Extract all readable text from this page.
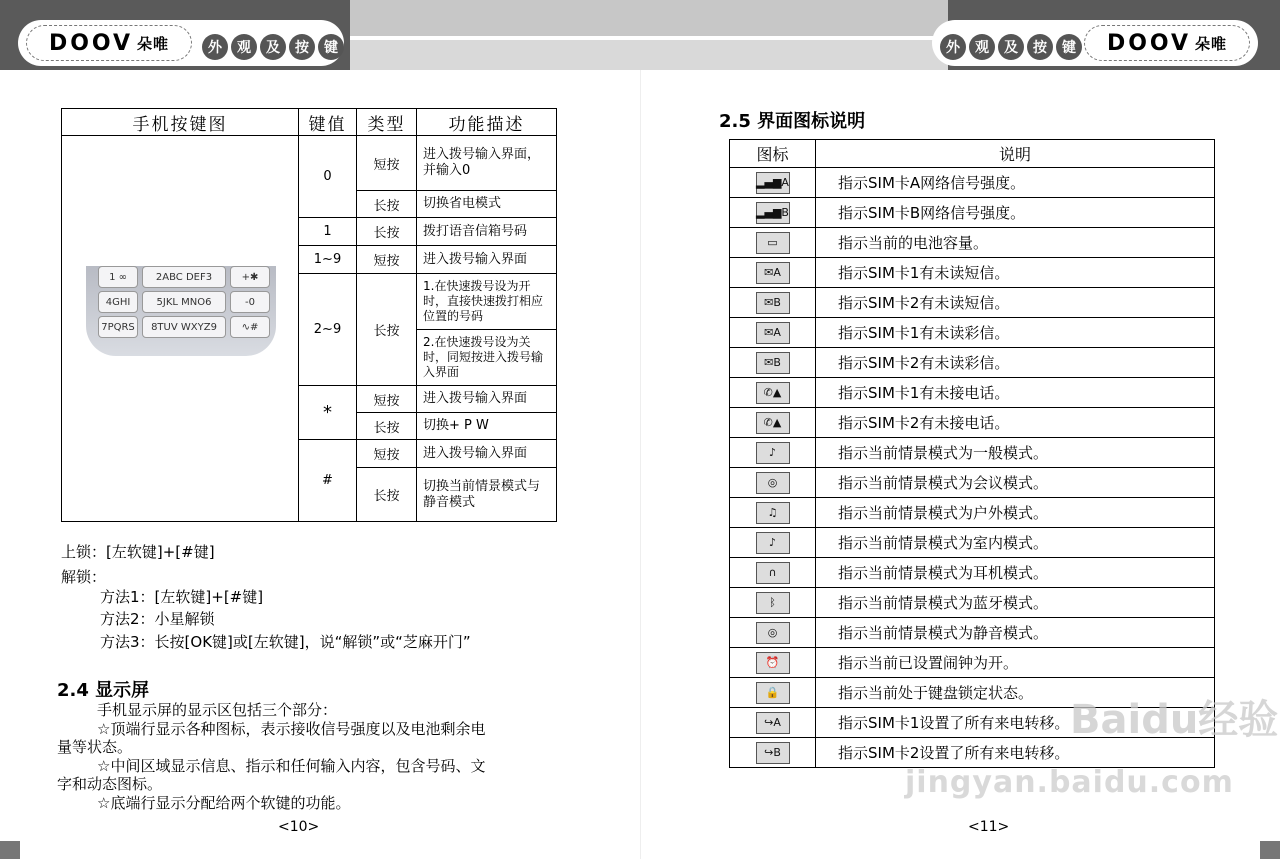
DOOV 朵唯	外	观	及	按	键	外	观	及	按	键 DOOV 朵唯
手机按键图	键值	类型	功能描述
	0	短按	进入拨号输入界面，并输入0
		长按	切换省电模式
	1	长按	拨打语音信箱号码
	1~9	短按	进入拨号输入界面
	2~9	长按	1.在快速拨号设为开时，直接快速拨打相应位置的号码
			2.在快速拨号设为关时，同短按进入拨号输入界面
	*	短按	进入拨号输入界面
		长按	切换+ P W
	#	短按	进入拨号输入界面
		长按	切换当前情景模式与静音模式
1 ∞	2ABC DEF3	+✱
4GHI	5JKL MNO6	-0
7PQRS	8TUV WXYZ9	∿#
上锁：[左软键]+[#键]
解锁：
方法1：[左软键]+[#键]
方法2：小星解锁
方法3：长按[OK键]或[左软键]，说“解锁”或“芝麻开门”
2.4 显示屏
手机显示屏的显示区包括三个部分：
☆顶端行显示各种图标，表示接收信号强度以及电池剩余电
量等状态。
☆中间区域显示信息、指示和任何输入内容，包含号码、文
字和动态图标。
☆底端行显示分配给两个软键的功能。
<10>
2.5 界面图标说明
图标	说明
▂▄▆A	指示SIM卡A网络信号强度。
▂▄▆B	指示SIM卡B网络信号强度。
▭	指示当前的电池容量。
✉A	指示SIM卡1有未读短信。
✉B	指示SIM卡2有未读短信。
✉A	指示SIM卡1有未读彩信。
✉B	指示SIM卡2有未读彩信。
✆▲	指示SIM卡1有未接电话。
✆▲	指示SIM卡2有未接电话。
♪	指示当前情景模式为一般模式。
◎	指示当前情景模式为会议模式。
♫	指示当前情景模式为户外模式。
♪	指示当前情景模式为室内模式。
∩	指示当前情景模式为耳机模式。
ᛒ	指示当前情景模式为蓝牙模式。
◎	指示当前情景模式为静音模式。
⏰	指示当前已设置闹钟为开。
🔒	指示当前处于键盘锁定状态。
↪A	指示SIM卡1设置了所有来电转移。
↪B	指示SIM卡2设置了所有来电转移。
<11>
Baidu经验
jingyan.baidu.com
